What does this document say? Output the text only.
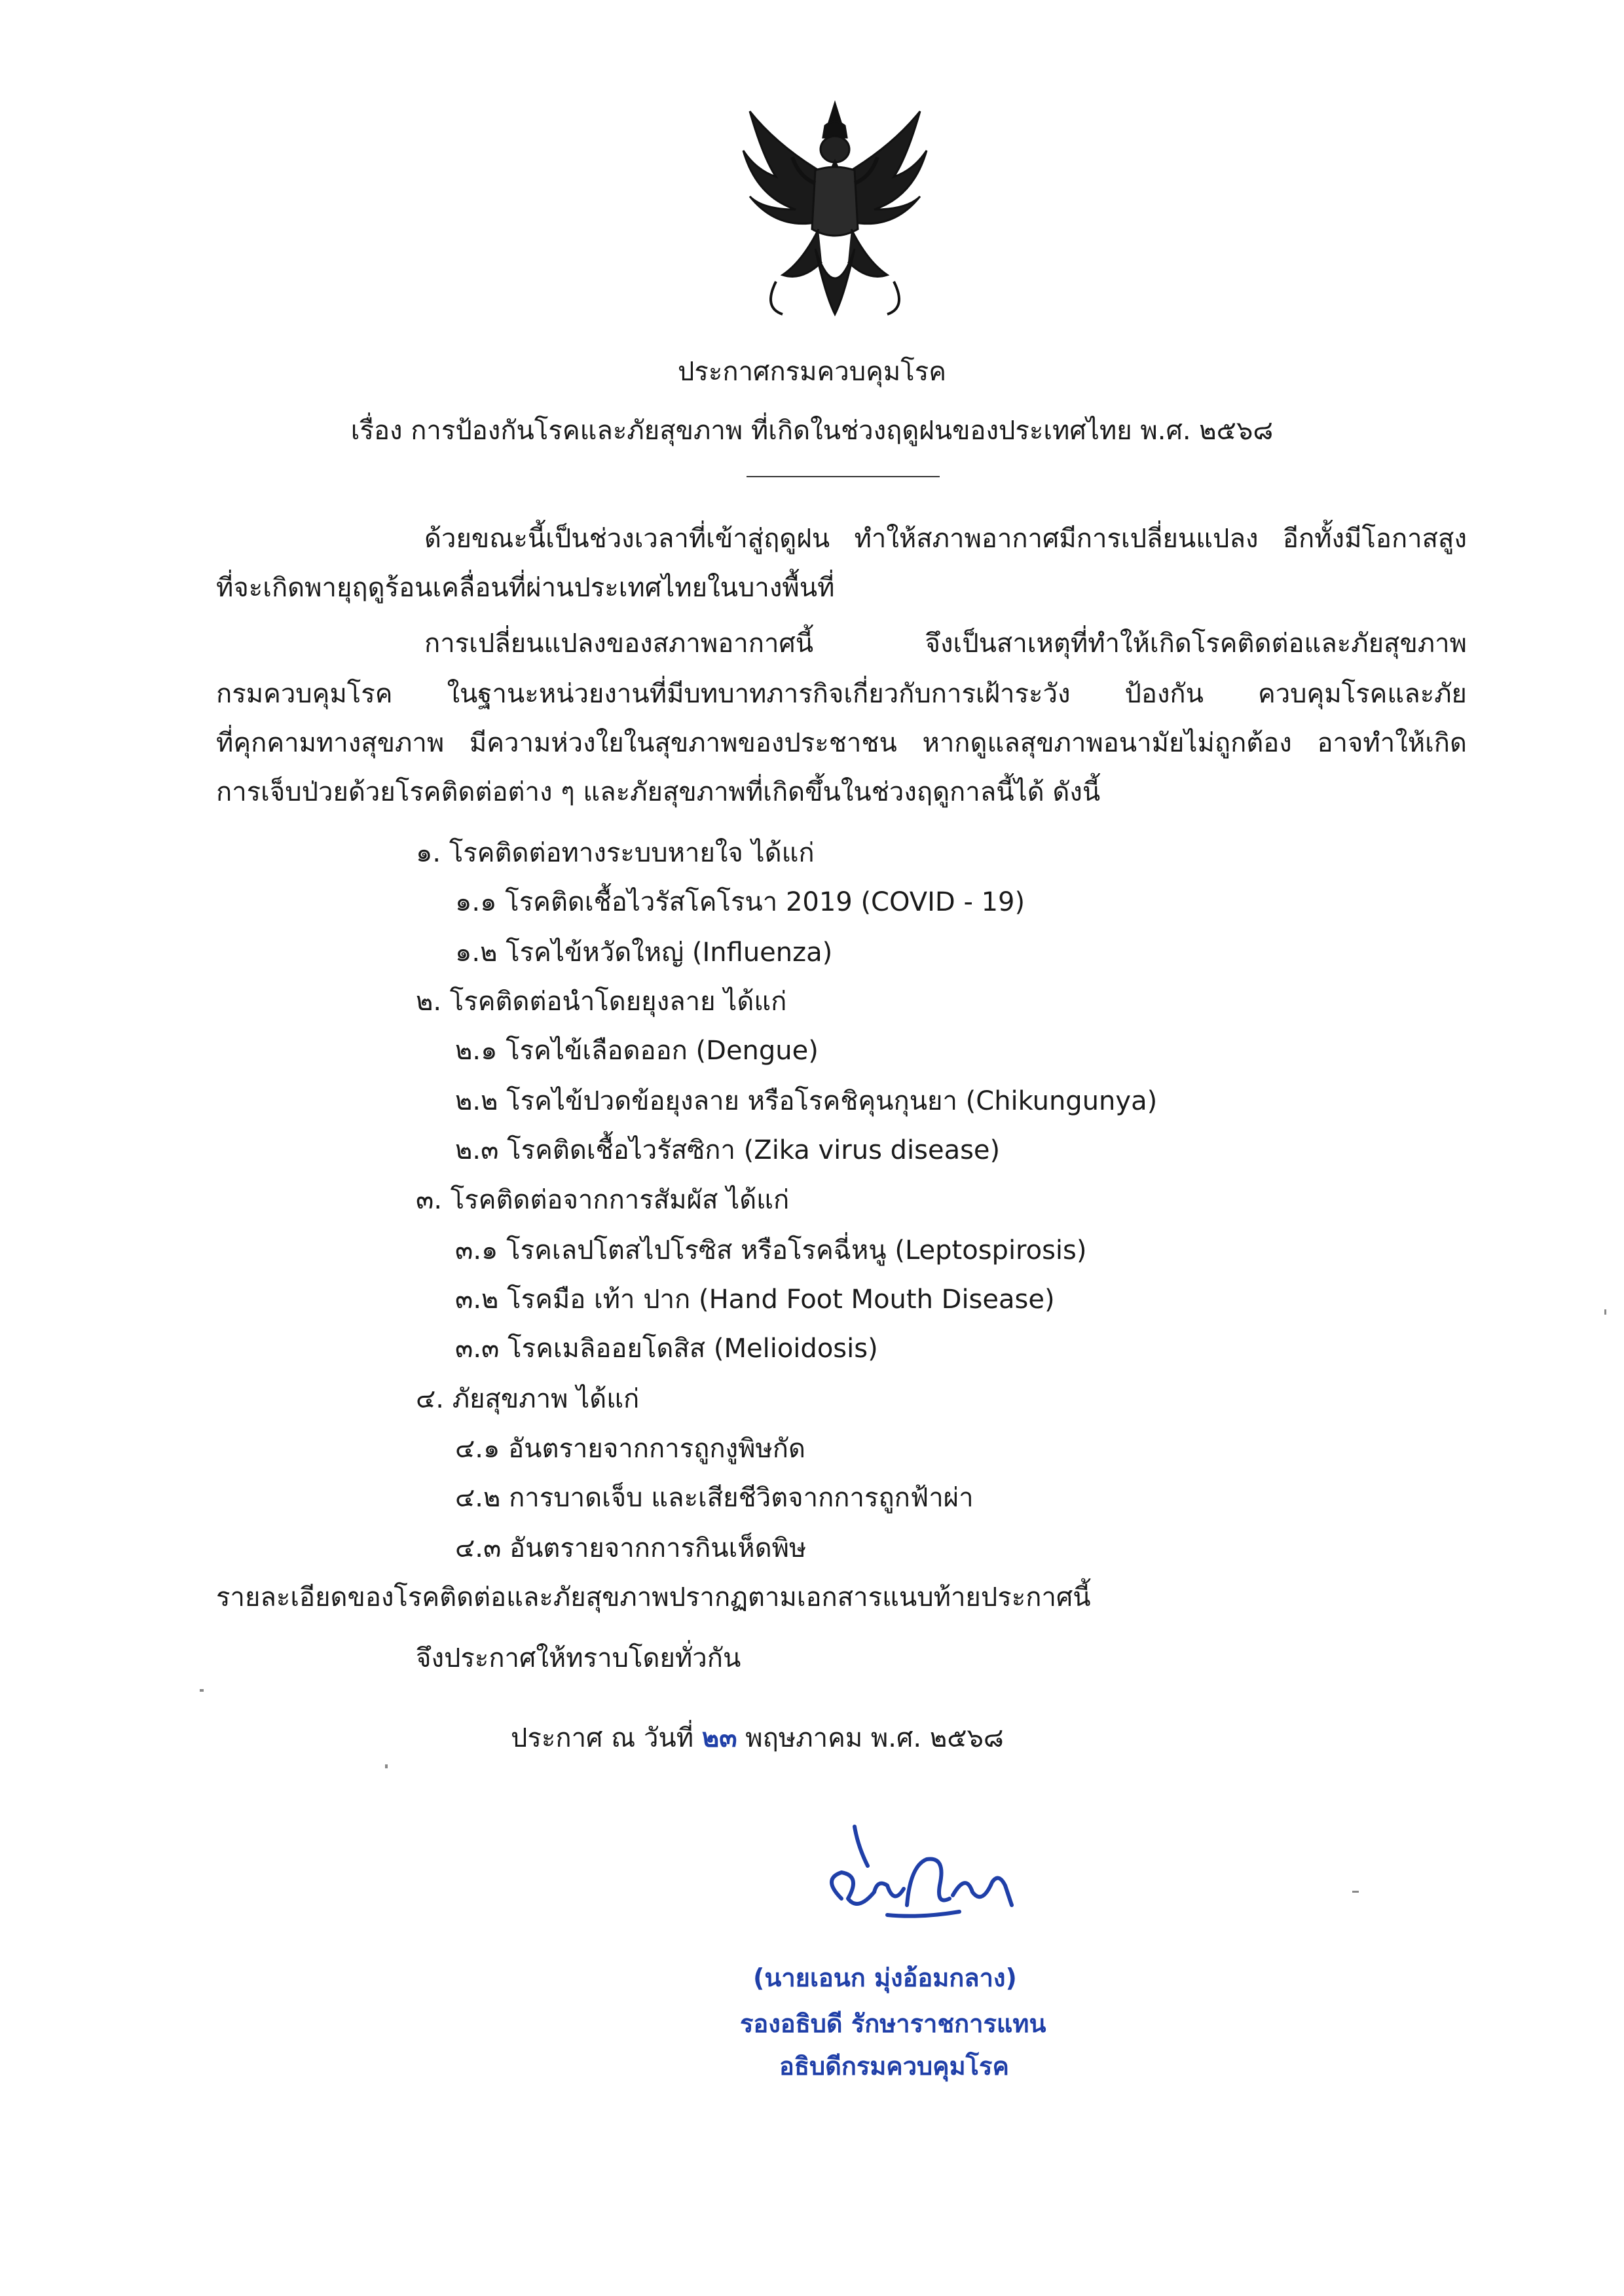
ประกาศกรมควบคุมโรค
เรื่อง การป้องกันโรคและภัยสุขภาพ ที่เกิดในช่วงฤดูฝนของประเทศไทย พ.ศ. ๒๕๖๘
ด้วยขณะนี้เป็นช่วงเวลาที่เข้าสู่ฤดูฝน ทำให้สภาพอากาศมีการเปลี่ยนแปลง อีกทั้งมีโอกาสสูง
ที่จะเกิดพายุฤดูร้อนเคลื่อนที่ผ่านประเทศไทยในบางพื้นที่
การเปลี่ยนแปลงของสภาพอากาศนี้ จึงเป็นสาเหตุที่ทำให้เกิดโรคติดต่อและภัยสุขภาพ
กรมควบคุมโรค ในฐานะหน่วยงานที่มีบทบาทภารกิจเกี่ยวกับการเฝ้าระวัง ป้องกัน ควบคุมโรคและภัย
ที่คุกคามทางสุขภาพ มีความห่วงใยในสุขภาพของประชาชน หากดูแลสุขภาพอนามัยไม่ถูกต้อง อาจทำให้เกิด
การเจ็บป่วยด้วยโรคติดต่อต่าง ๆ และภัยสุขภาพที่เกิดขึ้นในช่วงฤดูกาลนี้ได้ ดังนี้
๑. โรคติดต่อทางระบบหายใจ ได้แก่
๑.๑ โรคติดเชื้อไวรัสโคโรนา 2019 (COVID - 19)
๑.๒ โรคไข้หวัดใหญ่ (Influenza)
๒. โรคติดต่อนำโดยยุงลาย ได้แก่
๒.๑ โรคไข้เลือดออก (Dengue)
๒.๒ โรคไข้ปวดข้อยุงลาย หรือโรคชิคุนกุนยา (Chikungunya)
๒.๓ โรคติดเชื้อไวรัสซิกา (Zika virus disease)
๓. โรคติดต่อจากการสัมผัส ได้แก่
๓.๑ โรคเลปโตสไปโรซิส หรือโรคฉี่หนู (Leptospirosis)
๓.๒ โรคมือ เท้า ปาก (Hand Foot Mouth Disease)
๓.๓ โรคเมลิออยโดสิส (Melioidosis)
๔. ภัยสุขภาพ ได้แก่
๔.๑ อันตรายจากการถูกงูพิษกัด
๔.๒ การบาดเจ็บ และเสียชีวิตจากการถูกฟ้าผ่า
๔.๓ อันตรายจากการกินเห็ดพิษ
รายละเอียดของโรคติดต่อและภัยสุขภาพปรากฏตามเอกสารแนบท้ายประกาศนี้
จึงประกาศให้ทราบโดยทั่วกัน
ประกาศ ณ วันที่ ๒๓ พฤษภาคม พ.ศ. ๒๕๖๘
(นายเอนก มุ่งอ้อมกลาง)
รองอธิบดี รักษาราชการแทน
อธิบดีกรมควบคุมโรค
